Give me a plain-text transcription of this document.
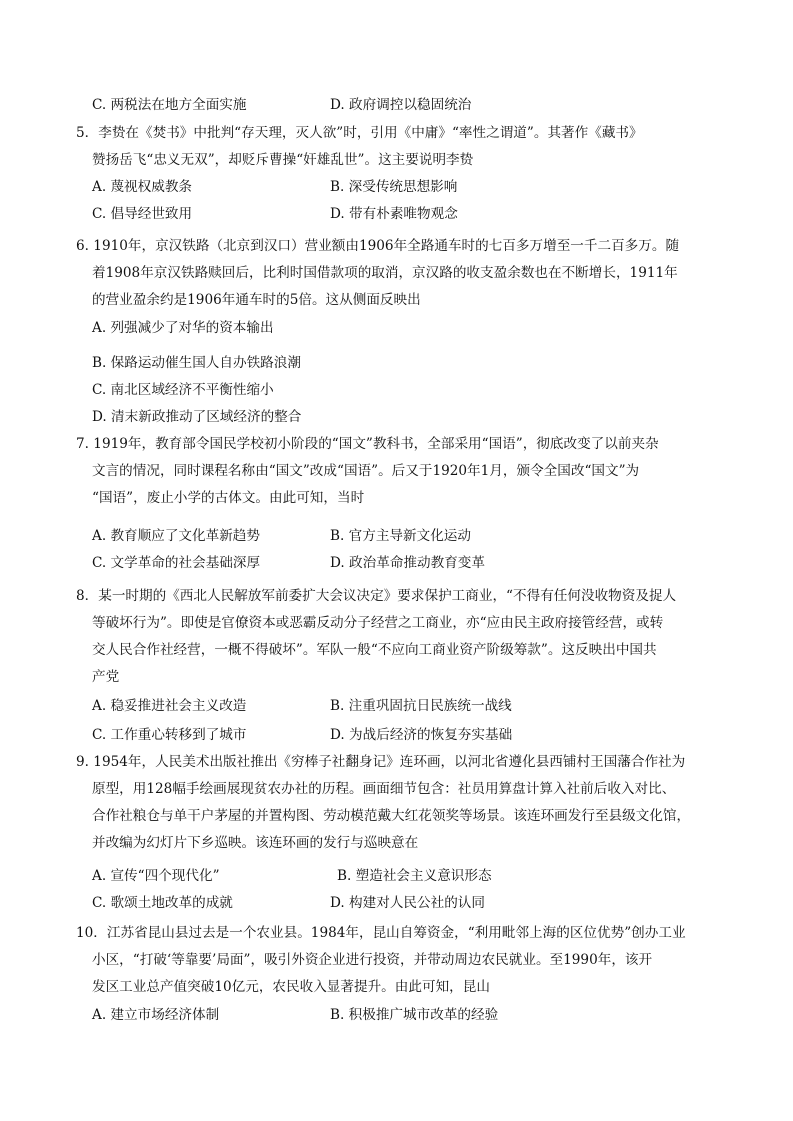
C. 两税法在地方全面实施	D. 政府调控以稳固统治
5．李贽在《焚书》中批判“存天理，灭人欲”时，引用《中庸》“率性之谓道”。其著作《藏书》
赞扬岳飞“忠义无双”，却贬斥曹操“奸雄乱世”。这主要说明李贽
A. 蔑视权威教条	B. 深受传统思想影响
C. 倡导经世致用	D. 带有朴素唯物观念
6. 1910年，京汉铁路（北京到汉口）营业额由1906年全路通车时的七百多万增至一千二百多万。随
着1908年京汉铁路赎回后，比利时国借款项的取消，京汉路的收支盈余数也在不断增长，1911年
的营业盈余约是1906年通车时的5倍。这从侧面反映出
A. 列强减少了对华的资本输出
B. 保路运动催生国人自办铁路浪潮
C. 南北区域经济不平衡性缩小
D. 清末新政推动了区域经济的整合
7. 1919年，教育部令国民学校初小阶段的“国文”教科书，全部采用“国语”，彻底改变了以前夹杂
文言的情况，同时课程名称由“国文”改成“国语”。后又于1920年1月，颁令全国改“国文”为
“国语”，废止小学的古体文。由此可知，当时
A. 教育顺应了文化革新趋势	B. 官方主导新文化运动
C. 文学革命的社会基础深厚	D. 政治革命推动教育变革
8．某一时期的《西北人民解放军前委扩大会议决定》要求保护工商业，“不得有任何没收物资及捉人
等破坏行为”。即使是官僚资本或恶霸反动分子经营之工商业，亦“应由民主政府接管经营，或转
交人民合作社经营，一概不得破坏”。军队一般“不应向工商业资产阶级筹款”。这反映出中国共
产党
A. 稳妥推进社会主义改造	B. 注重巩固抗日民族统一战线
C. 工作重心转移到了城市	D. 为战后经济的恢复夯实基础
9. 1954年，人民美术出版社推出《穷棒子社翻身记》连环画，以河北省遵化县西铺村王国藩合作社为
原型，用128幅手绘画展现贫农办社的历程。画面细节包含：社员用算盘计算入社前后收入对比、
合作社粮仓与单干户茅屋的并置构图、劳动模范戴大红花领奖等场景。该连环画发行至县级文化馆，
并改编为幻灯片下乡巡映。该连环画的发行与巡映意在
A. 宣传“四个现代化”	B. 塑造社会主义意识形态
C. 歌颂土地改革的成就	D. 构建对人民公社的认同
10．江苏省昆山县过去是一个农业县。1984年，昆山自筹资金，“利用毗邻上海的区位优势”创办工业
小区，“打破‘等靠要’局面”，吸引外资企业进行投资，并带动周边农民就业。至1990年，该开
发区工业总产值突破10亿元，农民收入显著提升。由此可知，昆山
A. 建立市场经济体制	B. 积极推广城市改革的经验
